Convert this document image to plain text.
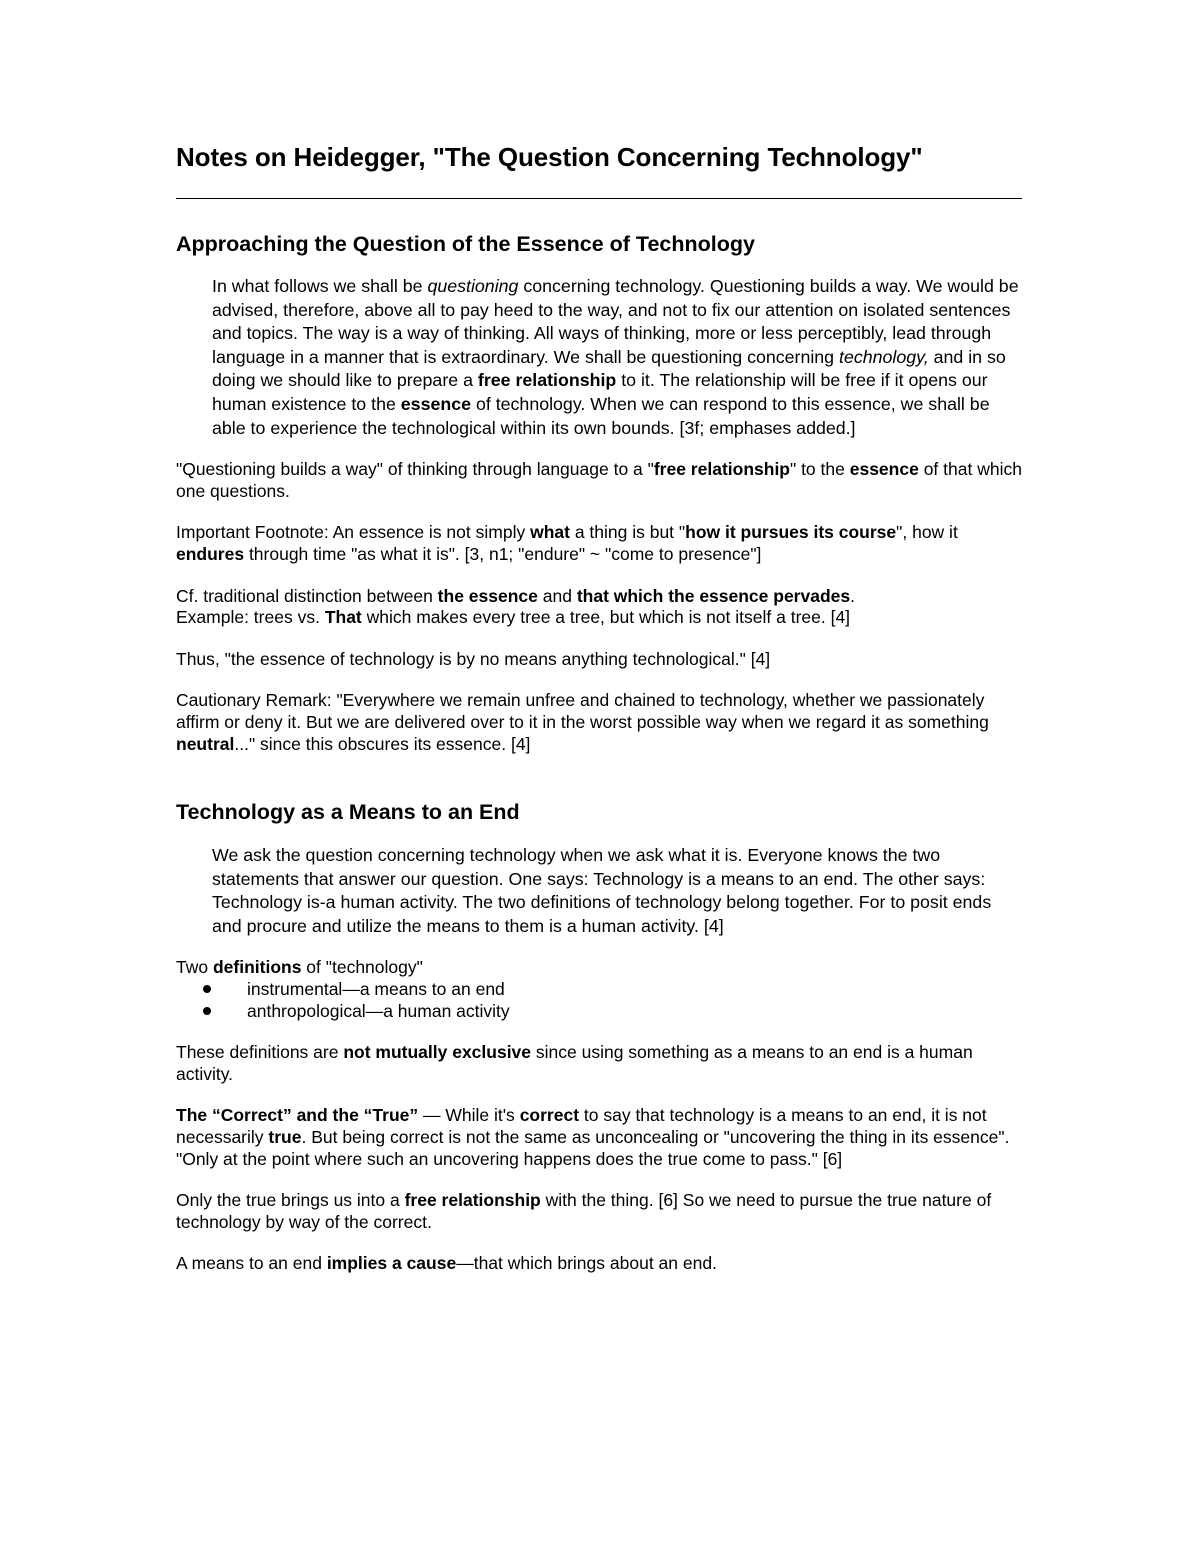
Notes on Heidegger, "The Question Concerning Technology"
Approaching the Question of the Essence of Technology

In what follows we shall be questioning concerning technology. Questioning builds a way. We would be advised, therefore, above all to pay heed to the way, and not to fix our attention on isolated sentences and topics. The way is a way of thinking. All ways of thinking, more or less perceptibly, lead through language in a manner that is extraordinary. We shall be questioning concerning technology, and in so doing we should like to prepare a free relationship to it. The relationship will be free if it opens our human existence to the essence of technology. When we can respond to this essence, we shall be able to experience the technological within its own bounds. [3f; emphases added.]

"Questioning builds a way" of thinking through language to a "free relationship" to the essence of that which one questions.

Important Footnote: An essence is not simply what a thing is but "how it pursues its course", how it endures through time "as what it is". [3, n1; "endure" ~ "come to presence"]

Cf. traditional distinction between the essence and that which the essence pervades.
Example: trees vs. That which makes every tree a tree, but which is not itself a tree. [4]

Thus, "the essence of technology is by no means anything technological." [4]

Cautionary Remark: "Everywhere we remain unfree and chained to technology, whether we passionately affirm or deny it. But we are delivered over to it in the worst possible way when we regard it as something neutral..." since this obscures its essence. [4]

Technology as a Means to an End

We ask the question concerning technology when we ask what it is. Everyone knows the two statements that answer our question. One says: Technology is a means to an end. The other says: Technology is-a human activity. The two definitions of technology belong together. For to posit ends and procure and utilize the means to them is a human activity. [4]

Two definitions of "technology"

instrumental—a means to an end
anthropological—a human activity

These definitions are not mutually exclusive since using something as a means to an end is a human activity.

The “Correct” and the “True” — While it's correct to say that technology is a means to an end, it is not necessarily true. But being correct is not the same as unconcealing or "uncovering the thing in its essence". "Only at the point where such an uncovering happens does the true come to pass." [6]

Only the true brings us into a free relationship with the thing. [6] So we need to pursue the true nature of technology by way of the correct.

A means to an end implies a cause—that which brings about an end.
